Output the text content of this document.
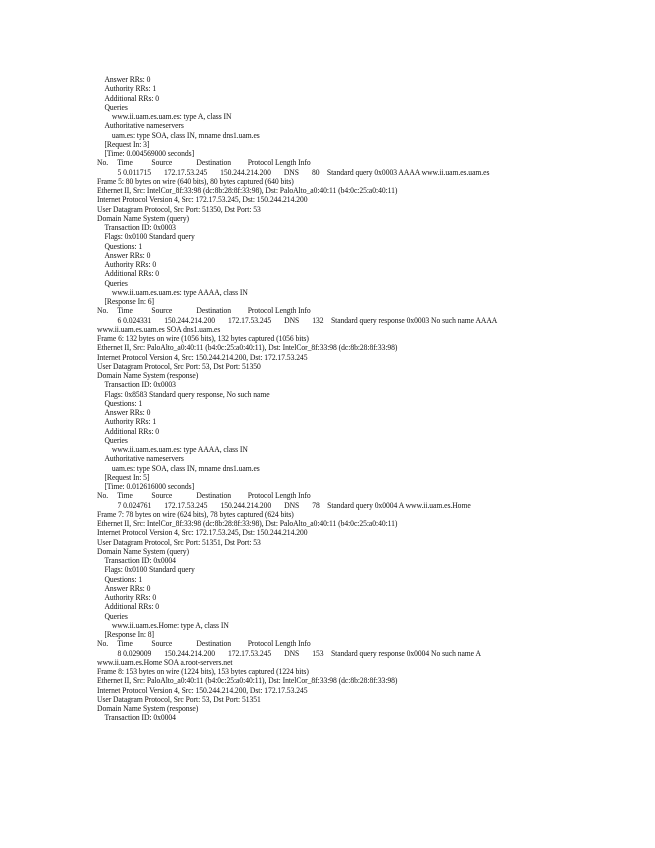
Answer RRs: 0
Authority RRs: 1
Additional RRs: 0
Queries
www.ii.uam.es.uam.es: type A, class IN
Authoritative nameservers
uam.es: type SOA, class IN, mname dns1.uam.es
[Request In: 3]
[Time: 0.004569000 seconds]
No.     Time          Source             Destination         Protocol Length Info
5 0.011715       172.17.53.245       150.244.214.200       DNS       80    Standard query 0x0003 AAAA www.ii.uam.es.uam.es
Frame 5: 80 bytes on wire (640 bits), 80 bytes captured (640 bits)
Ethernet II, Src: IntelCor_8f:33:98 (dc:8b:28:8f:33:98), Dst: PaloAlto_a0:40:11 (b4:0c:25:a0:40:11)
Internet Protocol Version 4, Src: 172.17.53.245, Dst: 150.244.214.200
User Datagram Protocol, Src Port: 51350, Dst Port: 53
Domain Name System (query)
Transaction ID: 0x0003
Flags: 0x0100 Standard query
Questions: 1
Answer RRs: 0
Authority RRs: 0
Additional RRs: 0
Queries
www.ii.uam.es.uam.es: type AAAA, class IN
[Response In: 6]
No.     Time          Source             Destination         Protocol Length Info
6 0.024331       150.244.214.200       172.17.53.245       DNS       132    Standard query response 0x0003 No such name AAAA
www.ii.uam.es.uam.es SOA dns1.uam.es
Frame 6: 132 bytes on wire (1056 bits), 132 bytes captured (1056 bits)
Ethernet II, Src: PaloAlto_a0:40:11 (b4:0c:25:a0:40:11), Dst: IntelCor_8f:33:98 (dc:8b:28:8f:33:98)
Internet Protocol Version 4, Src: 150.244.214.200, Dst: 172.17.53.245
User Datagram Protocol, Src Port: 53, Dst Port: 51350
Domain Name System (response)
Transaction ID: 0x0003
Flags: 0x8583 Standard query response, No such name
Questions: 1
Answer RRs: 0
Authority RRs: 1
Additional RRs: 0
Queries
www.ii.uam.es.uam.es: type AAAA, class IN
Authoritative nameservers
uam.es: type SOA, class IN, mname dns1.uam.es
[Request In: 5]
[Time: 0.012616000 seconds]
No.     Time          Source             Destination         Protocol Length Info
7 0.024761       172.17.53.245       150.244.214.200       DNS       78    Standard query 0x0004 A www.ii.uam.es.Home
Frame 7: 78 bytes on wire (624 bits), 78 bytes captured (624 bits)
Ethernet II, Src: IntelCor_8f:33:98 (dc:8b:28:8f:33:98), Dst: PaloAlto_a0:40:11 (b4:0c:25:a0:40:11)
Internet Protocol Version 4, Src: 172.17.53.245, Dst: 150.244.214.200
User Datagram Protocol, Src Port: 51351, Dst Port: 53
Domain Name System (query)
Transaction ID: 0x0004
Flags: 0x0100 Standard query
Questions: 1
Answer RRs: 0
Authority RRs: 0
Additional RRs: 0
Queries
www.ii.uam.es.Home: type A, class IN
[Response In: 8]
No.     Time          Source             Destination         Protocol Length Info
8 0.029009       150.244.214.200       172.17.53.245       DNS       153    Standard query response 0x0004 No such name A
www.ii.uam.es.Home SOA a.root-servers.net
Frame 8: 153 bytes on wire (1224 bits), 153 bytes captured (1224 bits)
Ethernet II, Src: PaloAlto_a0:40:11 (b4:0c:25:a0:40:11), Dst: IntelCor_8f:33:98 (dc:8b:28:8f:33:98)
Internet Protocol Version 4, Src: 150.244.214.200, Dst: 172.17.53.245
User Datagram Protocol, Src Port: 53, Dst Port: 51351
Domain Name System (response)
Transaction ID: 0x0004
